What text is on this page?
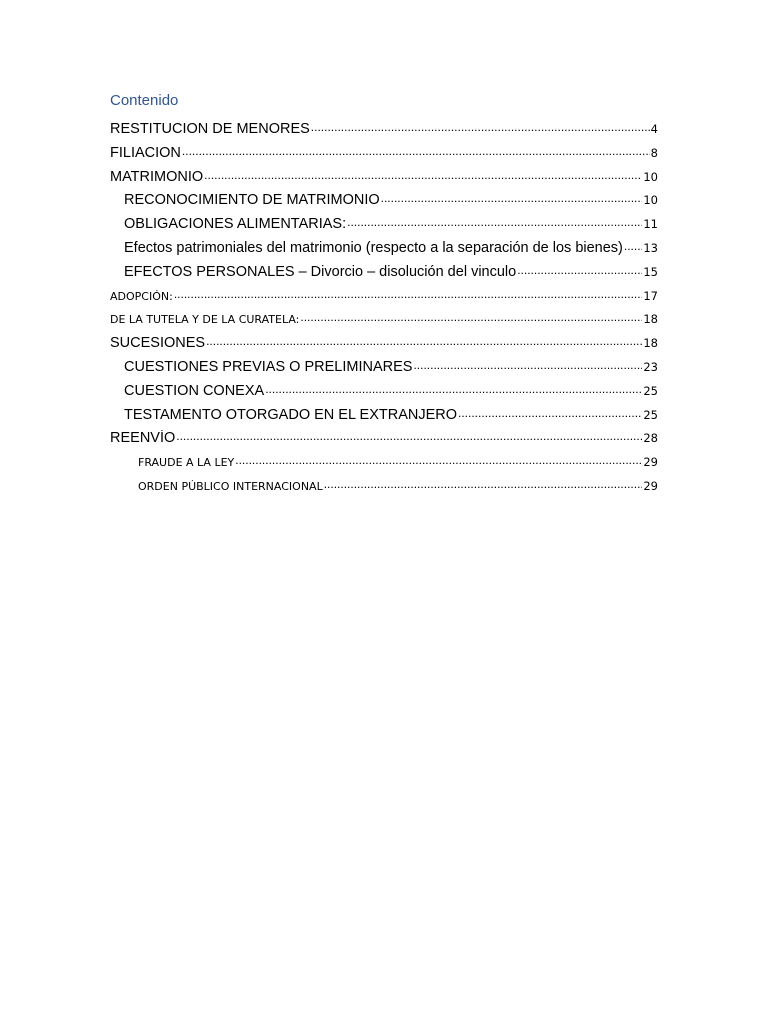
Contenido
RESTITUCION DE MENORES .....	4
FILIACION .....	8
MATRIMONIO .....	10
RECONOCIMIENTO DE MATRIMONIO .....	10
OBLIGACIONES ALIMENTARIAS: .....	11
Efectos patrimoniales del matrimonio (respecto a la separación de los bienes) ..... 13
EFECTOS PERSONALES – Divorcio – disolución del vinculo .....	15
ADOPCIÓN: .....	17
DE LA TUTELA Y DE LA CURATELA: .....	18
SUCESIONES .....	18
CUESTIONES PREVIAS O PRELIMINARES .....	23
CUESTION CONEXA .....	25
TESTAMENTO OTORGADO EN EL EXTRANJERO .....	25
REENVÍO .....	28
FRAUDE A LA LEY .....	29
ORDEN PÚBLICO INTERNACIONAL .....	29
